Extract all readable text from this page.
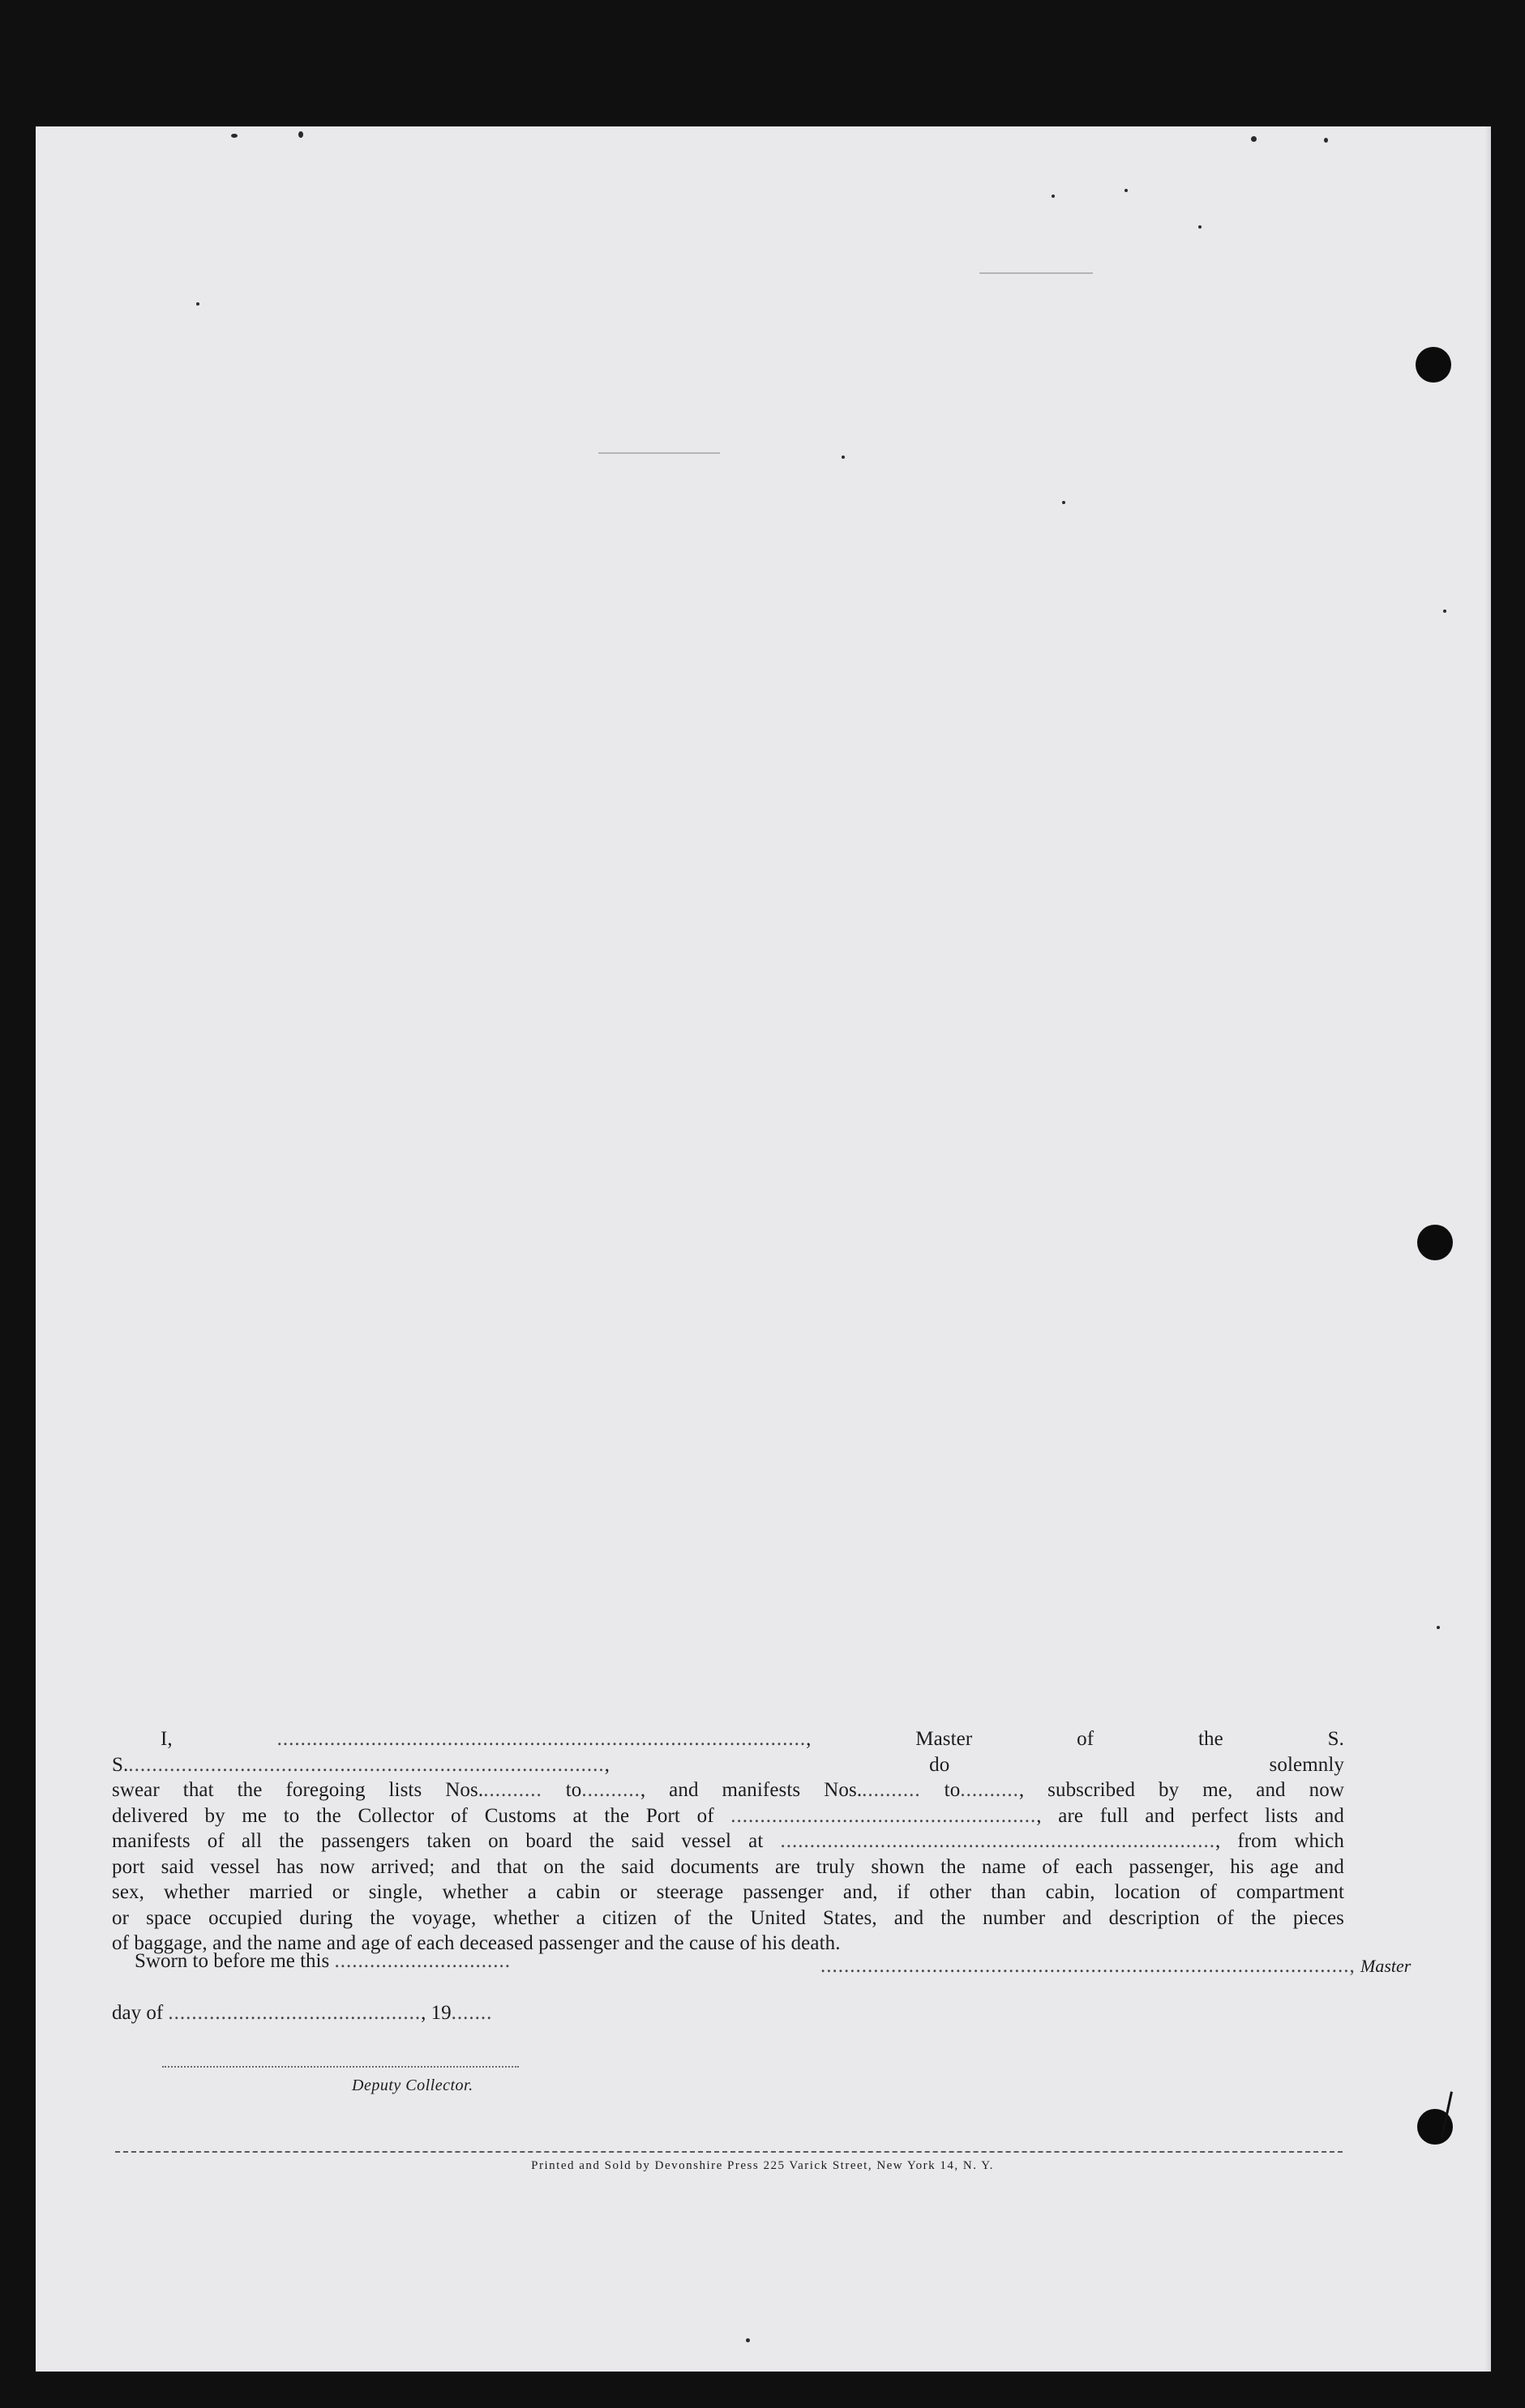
I,	.........................................................................................., Master of the S. S.................................................................................., do solemnly

swear that the foregoing lists Nos........... to.........., and manifests Nos........... to.........., subscribed by me, and now

delivered by me to the Collector of Customs at the Port of ...................................................., are full and perfect lists and

manifests of all the passengers taken on board the said vessel at .........................................................................., from which

port said vessel has now arrived; and that on the said documents are truly shown the name of each passenger, his age and

sex, whether married or single, whether a cabin or steerage passenger and, if other than cabin, location of compartment

or space occupied during the voyage, whether a citizen of the United States, and the number and description of the pieces

of baggage, and the name and age of each deceased passenger and the cause of his death.

Sworn to before me this ..............................	.........................................................................................., Master
day of ..........................................., 19.......
Deputy Collector.
Printed and Sold by Devonshire Press 225 Varick Street, New York 14, N. Y.
